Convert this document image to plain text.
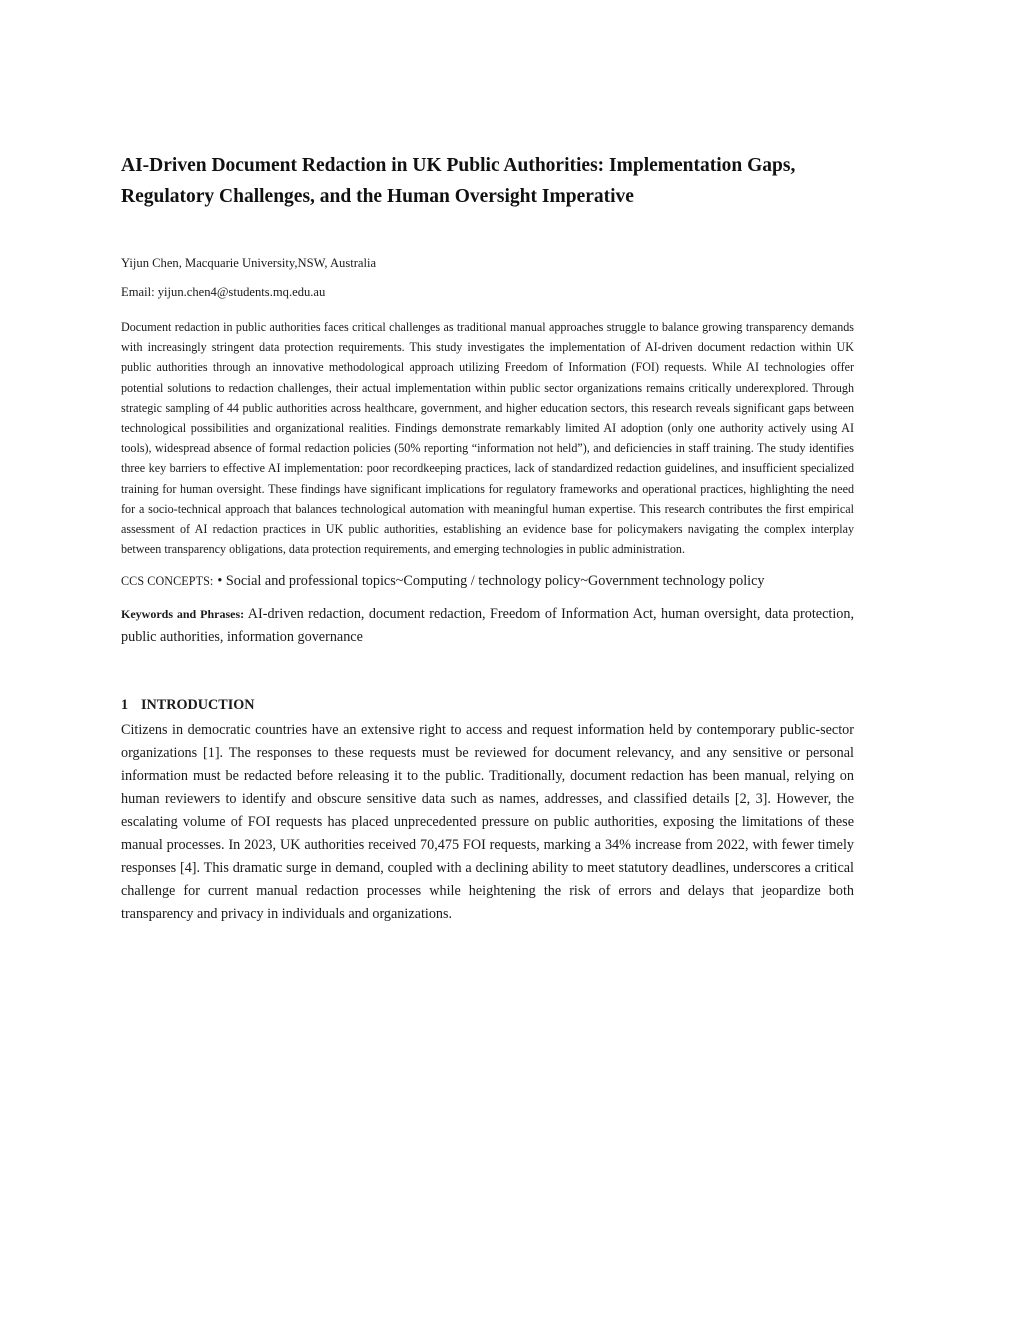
AI-Driven Document Redaction in UK Public Authorities: Implementation Gaps, Regulatory Challenges, and the Human Oversight Imperative

Yijun Chen, Macquarie University,NSW, Australia

Email: yijun.chen4@students.mq.edu.au

Document redaction in public authorities faces critical challenges as traditional manual approaches struggle to balance growing transparency demands with increasingly stringent data protection requirements. This study investigates the implementation of AI-driven document redaction within UK public authorities through an innovative methodological approach utilizing Freedom of Information (FOI) requests. While AI technologies offer potential solutions to redaction challenges, their actual implementation within public sector organizations remains critically underexplored. Through strategic sampling of 44 public authorities across healthcare, government, and higher education sectors, this research reveals significant gaps between technological possibilities and organizational realities. Findings demonstrate remarkably limited AI adoption (only one authority actively using AI tools), widespread absence of formal redaction policies (50% reporting “information not held”), and deficiencies in staff training. The study identifies three key barriers to effective AI implementation: poor recordkeeping practices, lack of standardized redaction guidelines, and insufficient specialized training for human oversight. These findings have significant implications for regulatory frameworks and operational practices, highlighting the need for a socio-technical approach that balances technological automation with meaningful human expertise. This research contributes the first empirical assessment of AI redaction practices in UK public authorities, establishing an evidence base for policymakers navigating the complex interplay between transparency obligations, data protection requirements, and emerging technologies in public administration.

CCS CONCEPTS: • Social and professional topics~Computing / technology policy~Government technology policy

Keywords and Phrases: AI-driven redaction, document redaction, Freedom of Information Act, human oversight, data protection, public authorities, information governance

1 INTRODUCTION

Citizens in democratic countries have an extensive right to access and request information held by contemporary public-sector organizations [1]. The responses to these requests must be reviewed for document relevancy, and any sensitive or personal information must be redacted before releasing it to the public. Traditionally, document redaction has been manual, relying on human reviewers to identify and obscure sensitive data such as names, addresses, and classified details [2, 3]. However, the escalating volume of FOI requests has placed unprecedented pressure on public authorities, exposing the limitations of these manual processes. In 2023, UK authorities received 70,475 FOI requests, marking a 34% increase from 2022, with fewer timely responses [4]. This dramatic surge in demand, coupled with a declining ability to meet statutory deadlines, underscores a critical challenge for current manual redaction processes while heightening the risk of errors and delays that jeopardize both transparency and privacy in individuals and organizations.
